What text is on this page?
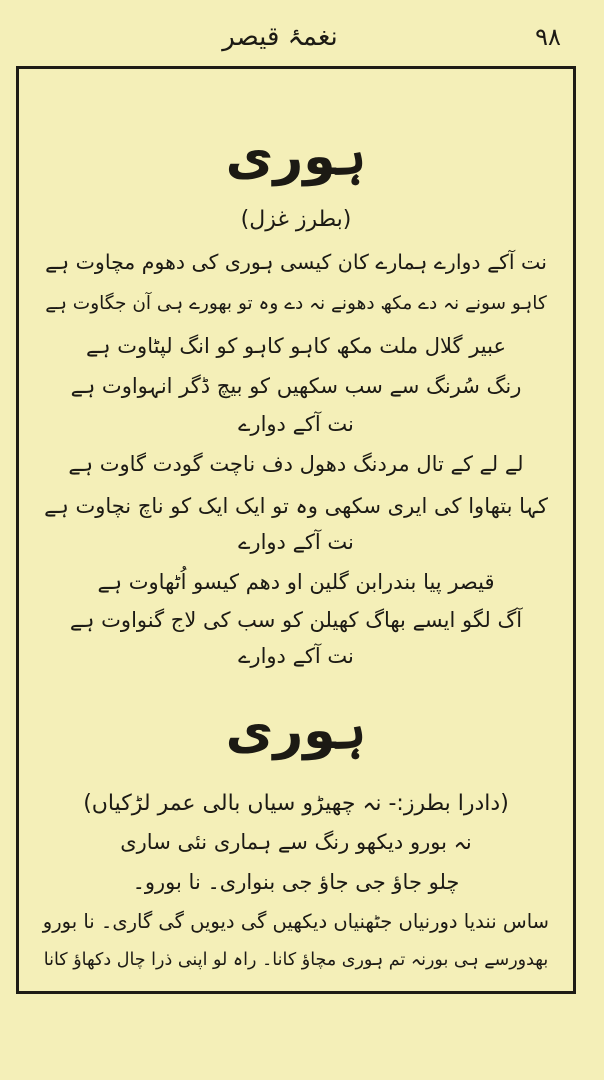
نغمۂ قیصر	۹۸
ہوری
(بطرز غزل)
نت آکے دوارے ہمارے کان کیسی ہوری کی دھوم مچاوت ہے
کاہو سونے نہ دے مکھ دھونے نہ دے وہ تو بھورے ہی آن جگاوت ہے
عبیر گلال ملت مکھ کاہو کاہو کو انگ لپٹاوت ہے
رنگ سُرنگ سے سب سکھیں کو بیچ ڈگر انہواوت ہے
نت آکے دوارے
لے لے کے تال مردنگ دھول دف ناچت گودت گاوت ہے
کہا بتھاوا کی ایری سکھی وہ تو ایک ایک کو ناچ نچاوت ہے
نت آکے دوارے
قیصر پیا بندرابن گلین او دھم کیسو اُٹھاوت ہے
آگ لگو ایسے بھاگ کھیلن کو سب کی لاج گنواوت ہے
نت آکے دوارے
ہوری
(دادرا بطرز:- نہ چھیڑو سیاں بالی عمر لڑکیاں)
نہ بورو دیکھو رنگ سے ہماری نئی ساری
چلو جاؤ جی جاؤ جی بنواری۔ نا بورو۔
ساس نندیا دورنیاں جٹھنیاں دیکھیں گی دیویں گی گاری۔ نا بورو
بھدورسے ہی بورنہ تم ہوری مچاؤ کانا۔ راہ لو اپنی ذرا چال دکھاؤ کانا
